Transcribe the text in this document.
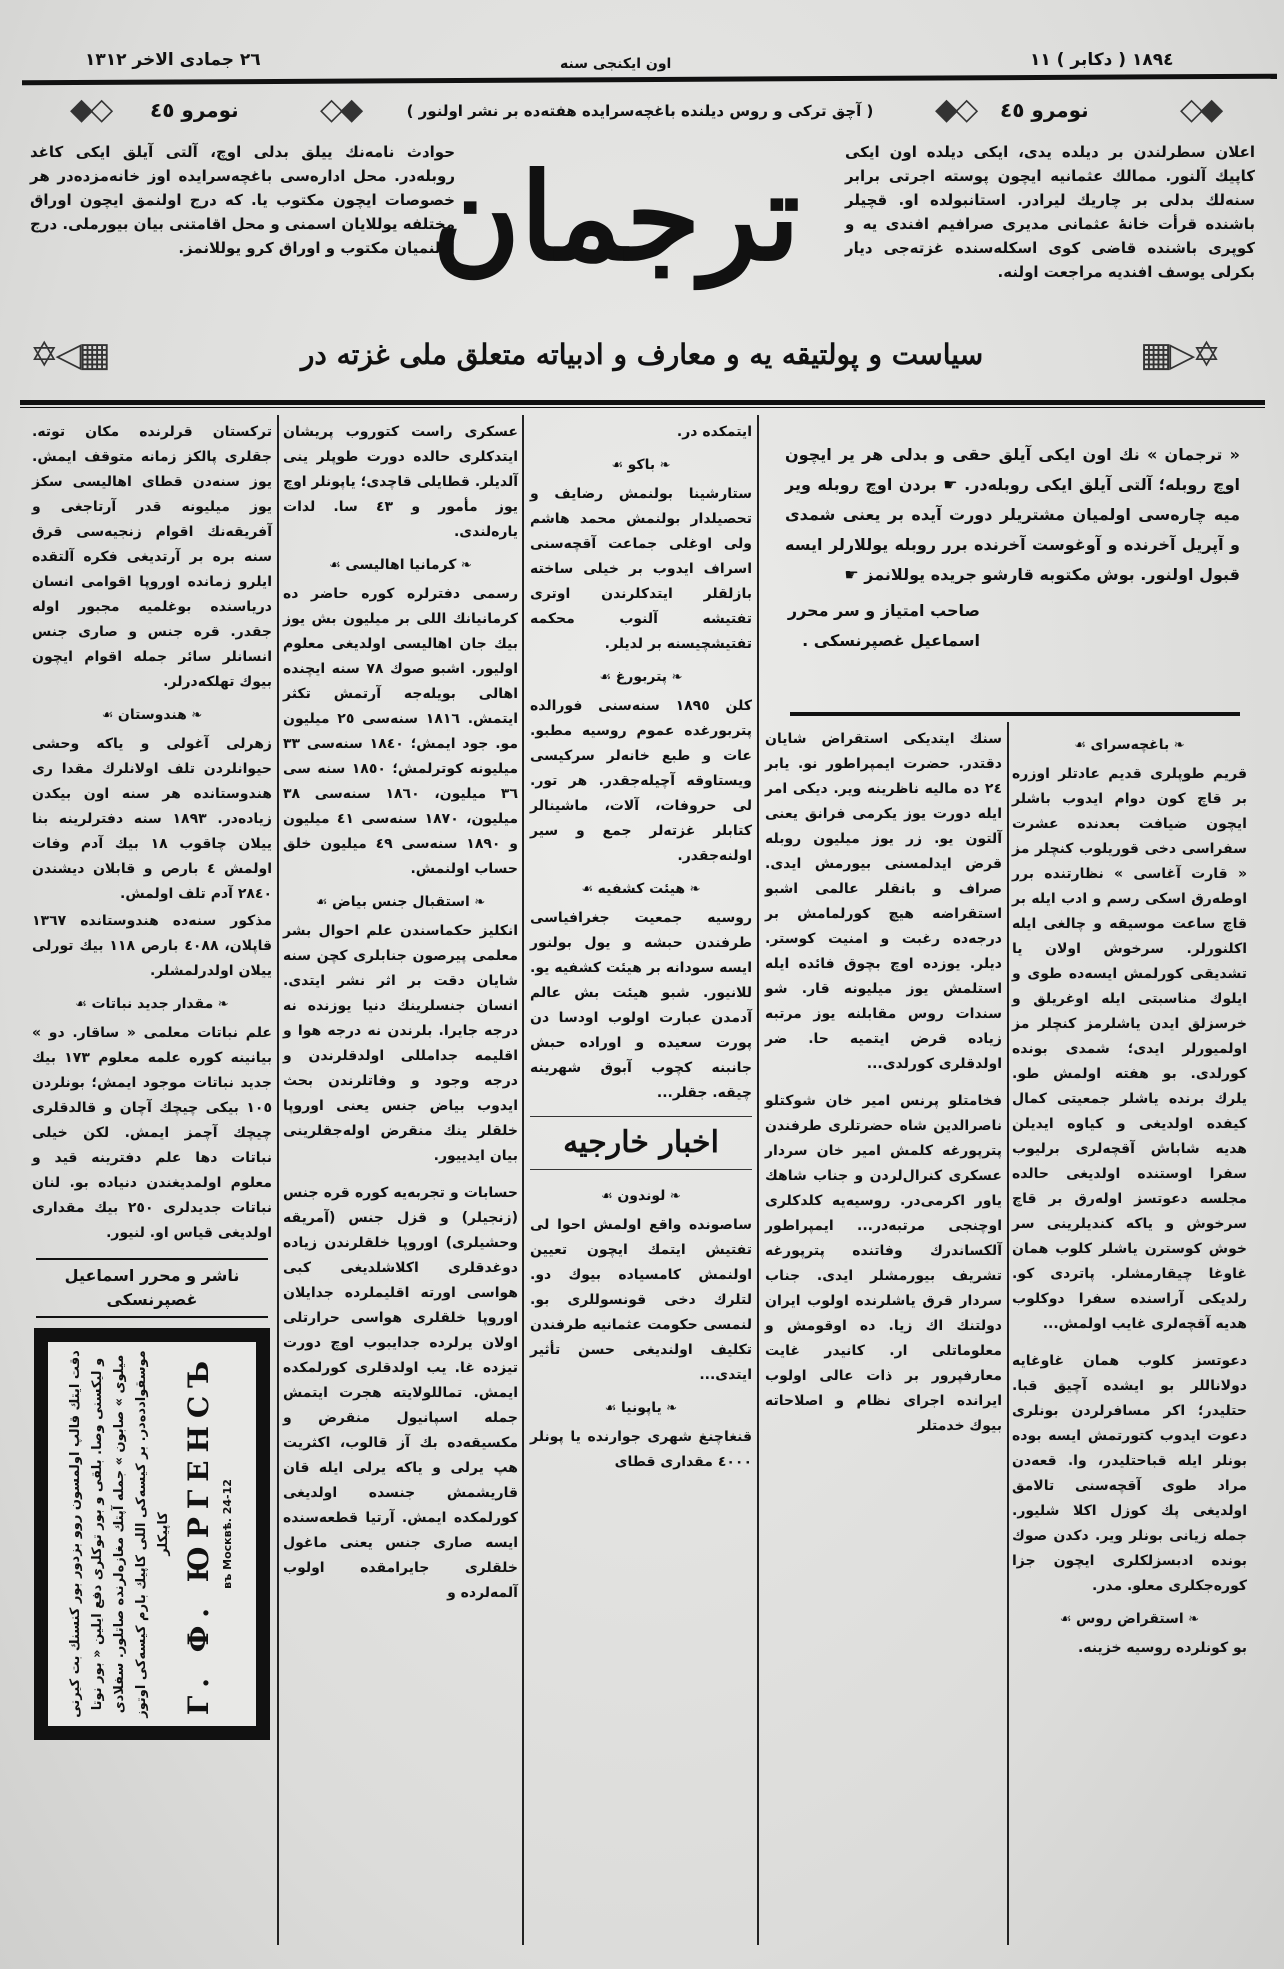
٢٦ جمادی الاخر ١٣١٢	اون ایکنجی سنه	١٨٩٤ ( دکابر ) ١١
نومرو ٤٥	( آچق ترکی و روس دیلنده باغچه‌سرایده هفته‌ده بر نشر اولنور )	نومرو ٤٥
◆◇	◇◆	◆◇	◇◆
حوادث نامه‌نك ییلق بدلی اوچ، آلتی آیلق ایکی کاغد روبله‌در. محل اداره‌سی باغچه‌سرایده اوز خانه‌مزده‌در هر خصوصات ایچون مکتوب یا. که درج اولنمق ایچون اوراق مختلفه یوللایان اسمنی و محل اقامتنی بیان بیورملی. درج اولنمیان مکتوب و اوراق کرو یوللانمز.
ترجمان	اعلان سطرلندن بر دیلده یدی، ایکی دیلده اون ایکی کاپیك آلنور. ممالك عثمانیه ایچون پوسته اجرتی برابر سنه‌لك بدلی بر چاریك لیرادر. استانبولده او. قچیلر باشنده قرأت خانهٔ عثمانی مدیری صرافیم افندی یه و کوپری باشنده قاضی کوی اسکله‌سنده غزته‌جی دیار بکرلی یوسف افندیه مراجعت اولنه.
✡◁▦	سیاست و پولتیقه یه و معارف و ادبیاته متعلق ملی غزته در	▦▷✡
« ترجمان » نك اون ایکی آیلق حقی و بدلی هر یر ایچون اوچ روبله؛ آلتی آیلق ایکی روبله‌در. ☛ بردن اوچ روبله ویر میه چاره‌سی اولمیان مشتریلر دورت آیده بر یعنی شمدی و آپریل آخرنده و آوغوست آخرنده برر روبله یوللارلر ایسه قبول اولنور. بوش مکتوبه قارشو جریده یوللانمز ☛
صاحب امتیاز و سر محرر
اسماعیل غصپرنسکی .
❧ باغچه‌سرای ☙

قریم طوپلری قدیم عادتلر اوزره بر قاچ کون دوام ایدوب باشلر ایچون ضیافت بعدنده عشرت سفراسی دخی قوریلوب کنچلر مز « قارت آغاسی » نظارتنده برر اوطه‌رق اسکی رسم و ادب ایله بر قاچ ساعت موسیقه و چالغی ایله اکلنورلر. سرخوش اولان یا تشدیقی کورلمش ایسه‌ده طوی و ایلوك مناسبتی ایله اوغریلق و خرسزلق ایدن یاشلرمز کنچلر مز اولمیورلر ایدی؛ شمدی بونده کورلدی. بو هفته اولمش طو. یلرك برنده یاشلر جمعیتی کمال کیفده اولدیغی و کیاوه ایدیلن هدیه شاباش آقچه‌لری برلیوب سفرا اوستنده اولدیغی حالده مجلسه دعوتسز اوله‌رق بر قاچ سرخوش و یاکه کندیلرینی سر خوش کوسترن یاشلر کلوب همان غاوغا چیقارمشلر. پاتردی کو. رلدیکی آراسنده سفرا دوکلوب هدیه آقچه‌لری غایب اولمش...

دعوتسز کلوب همان غاوغایه دولاناللر بو ایشده آچیق قبا. حتلیدر؛ اکر مسافرلردن بونلری دعوت ایدوب کتورتمش ایسه بوده بونلر ایله قباحتلیدر، وا. قعه‌دن مراد طوی آقچه‌سنی تالامق اولدیغی پك کوزل اکلا شلیور. جمله زیانی بونلر ویر. دکدن صوك بونده ادبسزلکلری ایچون جزا کوره‌جکلری معلو. مدر.

❧ استقراض روس ☙

بو کونلرده روسیه خزینه.

سنك ایتدیکی استقراض شایان دقتدر. حضرت ایمپراطور نو. یابر ٢٤ ده مالیه ناظرینه ویر. دیکی امر ایله دورت یوز یکرمی فرانق یعنی آلتون یو. زر یوز میلیون روبله قرض ایدلمسنی بیورمش ایدی. صراف و بانقلر عالمی اشبو استقراضه هیچ کورلمامش بر درجه‌ده رغبت و امنیت کوستر. دیلر. یوزده اوچ بچوق فائده ایله استلمش یوز میلیونه قار. شو سندات روس مقابلنه یوز مرتبه زیاده قرض ایتمیه حا. ضر اولدقلری کورلدی...

فخامتلو پرنس امیر خان شوکتلو ناصرالدین شاه حضرتلری طرفندن پترپورغه کلمش امیر خان سردار عسکری کنرال‌لردن و جناب شاهك یاور اکرمی‌در. روسیه‌یه کلدکلری اوچنجی مرتبه‌در... ایمپراطور آلکساندرك وفاتنده پترپورغه تشریف بیورمشلر ایدی. جناب سردار قرق یاشلرنده اولوب ایران دولتنك اك زیا. ده اوقومش و معلوماتلی ار. کانیدر غایت معارفپرور بر ذات عالی اولوب ایرانده اجرای نظام و اصلاحاته بیوك خدمتلر

ایتمکده در.

❧ باکو ☙

ستارشینا بولنمش رضایف و تحصیلدار بولنمش محمد هاشم ولی اوغلی جماعت آقچه‌سنی اسراف ایدوب بر خیلی ساخته بازلقلر ایتدکلرندن اوتری تفتیشه آلنوب محکمه تفتیشچیسنه بر لدیلر.

❧ پتربورغ ☙

کلن ١٨٩٥ سنه‌سنی فورالده پتربورغده عموم روسیه مطبو. عات و طبع خانه‌لر سرکیسی ویستاوقه آچیله‌جقدر. هر تور. لی حروفات، آلات، ماشینالر کتابلر غزته‌لر جمع و سیر اولنه‌جقدر.

❧ هیئت کشفیه ☙

روسیه جمعیت جغرافیاسی طرفندن حبشه و یول بولنور ایسه سودانه بر هیئت کشفیه یو. للانیور. شبو هیئت بش عالم آدمدن عبارت اولوب اودسا دن پورت سعیده و اوراده حبش جانبنه کچوب آبوق شهرینه چیقه. جقلر...

اخبار خارجیه
❧ لوندون ☙

ساصونده واقع اولمش احوا لی تفتیش ایتمك ایچون تعیین اولنمش کامسیاده بیوك دو. لتلرك دخی قونسوللری بو. لنمسی حکومت عثمانیه طرفندن تکلیف اولندیغی حسن تأثیر ایتدی...

❧ یاپونیا ☙

قنغاچنغ شهری جوارنده یا پونلر ٤٠٠٠ مقداری قطای

عسکری راست کتوروب پریشان ایتدکلری حالده دورت طوپلر ینی آلدیلر. قطایلی قاچدی؛ یاپونلر اوچ یوز مأمور و ٤٣ سا. لدات یاره‌لندی.

❧ کرمانیا اهالیسی ☙

رسمی دفترلره کوره حاضر ده کرمانیانك اللی بر میلیون بش یوز بیك جان اهالیسی اولدیغی معلوم اولیور. اشبو صوك ٧٨ سنه ایچنده اهالی بویله‌جه آرتمش تکثر ایتمش. ١٨١٦ سنه‌سی ٢٥ میلیون مو. جود ایمش؛ ١٨٤٠ سنه‌سی ٣٣ میلیونه کوترلمش؛ ١٨٥٠ سنه سی ٣٦ میلیون، ١٨٦٠ سنه‌سی ٣٨ میلیون، ١٨٧٠ سنه‌سی ٤١ میلیون و ١٨٩٠ سنه‌سی ٤٩ میلیون خلق حساب اولنمش.

❧ استقبال جنس بیاض ☙

انکلیز حکماسندن علم احوال بشر معلمی پیرصون جنابلری کچن سنه شایان دقت بر اثر نشر ایتدی. انسان جنسلرینك دنیا یوزنده نه درجه جایرا. بلرندن نه درجه هوا و اقلیمه جدامللی اولدقلرندن و درجه وجود و وفاتلرندن بحث ایدوب بیاض جنس یعنی اوروپا خلقلر ینك منقرض اوله‌جقلرینی بیان ایدییور.

حسابات و تجربه‌یه کوره قره جنس (زنجیلر) و قزل جنس (آمریقه وحشیلری) اوروپا خلقلرندن زیاده دوغدقلری اکلاشلدیغی کبی هواسی اورته اقلیملرده جدایلان اوروپا خلقلری هواسی حرارتلی اولان یرلرده جدایبوب اوچ دورت تیزده غا. یب اولدقلری کورلمکده ایمش. تماللولایته هجرت ایتمش جمله اسپانیول منقرض و مکسیقه‌ده بك آز قالوب، اکثریت هپ یرلی و یاکه یرلی ایله قان قاریشمش جنسده اولدیغی کورلمکده ایمش. آرتیا قطعه‌سنده ایسه صاری جنس یعنی ماغول خلقلری جایرامقده اولوب آلمه‌لرده و

ترکستان قرلرنده مکان توته. جقلری پالکز زمانه متوقف ایمش. یوز سنه‌دن قطای اهالیسی سکز یوز میلیونه قدر آرتاجغی و آفریقه‌نك اقوام زنجیه‌سی قرق سنه بره بر آرتدیغی فکره آلتقده ایلرو زمانده اوروپا اقوامی انسان دریاسنده بوغلمیه مجبور اوله جقدر. قره جنس و صاری جنس انسانلر سائر جمله اقوام ایچون بیوك تهلکه‌درلر.

❧ هندوستان ☙

زهرلی آغولی و یاکه وحشی حیوانلردن تلف اولانلرك مقدا ری هندوستانده هر سنه اون بیکدن زیاده‌در. ١٨٩٣ سنه دفترلرینه بنا ییلان چاقوب ١٨ بیك آدم وفات اولمش ٤ بارص و قابلان دیشندن ٢٨٤٠ آدم تلف اولمش.

مذکور سنه‌ده هندوستانده ١٣٦٧ قاپلان، ٤٠٨٨ بارص ١١٨ بیك تورلی ییلان اولدرلمشلر.

❧ مقدار جدید نباتات ☙

علم نباتات معلمی « ساقار. دو » بیانینه کوره علمه معلوم ١٧٣ بیك جدید نباتات موجود ایمش؛ بونلردن ١٠٥ بیکی چیچك آچان و قالدقلری چیچك آچمز ایمش. لکن خیلی نباتات دها علم دفترینه قید و معلوم اولمدیغندن دنیاده بو. لنان نباتات جدیدلری ٢٥٠ بیك مقداری اولدیغی قیاس او. لنیور.

ناشر و محرر اسماعیل غصپرنسکی
دقت ایتك قالپ اولمسون روو بزدور بور کنسنك بت کیرنی و لیکسنی وصا. بلقی و بور توکلری دفع ایلین « بور نوتا میلوی » صابون » جمله آپتك مغازه‌لرنده صاتلور. سفلادی موسقوادده‌در. بر کیسه‌کی اللی کاپیك بارم کیسه‌کی اوتوز کاپیكلر Г. Ф. ЮРГЕНСЪ въ Москвѣ. 24-12
